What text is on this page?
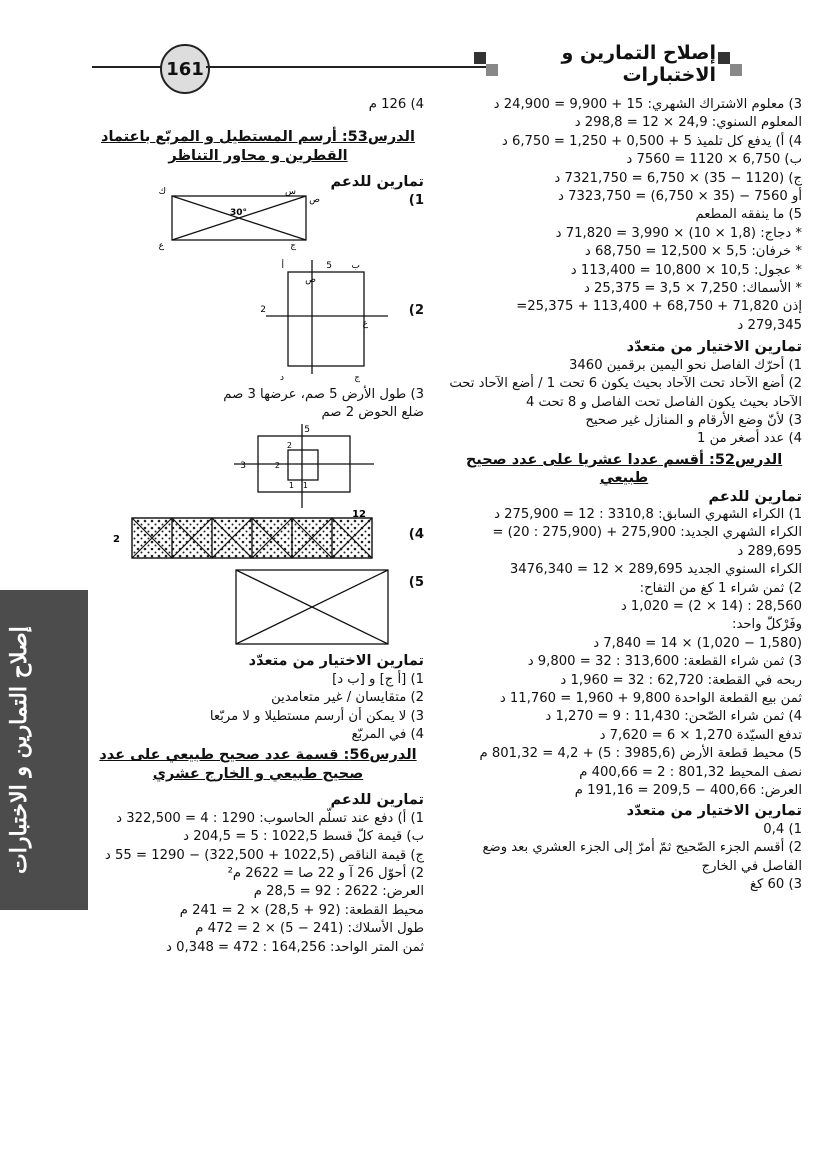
161
إصلاح التمارين و الاختبارات
إصلاح التمارين و الاختبارات

3) معلوم الاشتراك الشهري: 15 + 9,900 = 24,900 د

المعلوم السنوي: 24,9 × 12 = 298,8 د

4) أ) يدفع كل تلميذ 5 + 0,500 + 1,250 = 6,750 د

ب) 6,750 × 1120 = 7560 د

ج) (1120 − 35) × 6,750 = 7321,750 د

أو 7560 − (35 × 6,750) = 7323,750 د

5) ما ينفقه المطعم

* دجاج: (1,8 × 10) × 3,990 = 71,820 د

* خرفان: 5,5 × 12,500 = 68,750 د

* عجول: 10,5 × 10,800 = 113,400 د

* الأسماك: 7,250 × 3,5 = 25,375 د

إذن 71,820 + 68,750 + 113,400 + 25,375=

279,345 د

تمارين الاختيار من متعدّد

1) أحرّك الفاصل نحو اليمين برقمين 3460

2) أضع الآحاد تحت الآحاد بحيث يكون 6 تحت 1 / أضع الآحاد تحت الآحاد بحيث يكون الفاصل تحت الفاصل و 8 تحت 4

3) لأنّ وضع الأرقام و المنازل غير صحيح

4) عدد أصغر من 1

الدرس52: أقسم عددا عشريا على عدد صحيح طبيعي

تمارين للدعم

1) الكراء الشهري السابق: 3310,8 : 12 = 275,900 د

الكراء الشهري الجديد: 275,900 + (275,900 : 20) =

289,695 د

الكراء السنوي الجديد 289,695 × 12 = 3476,340

2) ثمن شراء 1 كغ من التفاح:

28,560 : (14 × 2) = 1,020 د

وفَرْكلّ واحد:

(1,580 − 1,020) × 14 = 7,840 د

3) ثمن شراء القطعة: 313,600 : 32 = 9,800 د

ربحه في القطعة: 62,720 : 32 = 1,960 د

ثمن بيع القطعة الواحدة 9,800 + 1,960 = 11,760 د

4) ثمن شراء الصّحن: 11,430 : 9 = 1,270 د

تدفع السيّدة 1,270 × 6 = 7,620 د

5) محيط قطعة الأرض (3985,6 : 5) + 4,2 = 801,32 م

نصف المحيط 801,32 : 2 = 400,66 م

العرض: 400,66 − 209,5 = 191,16 م

تمارين الاختيار من متعدّد

1) 0,4

2) أقسم الجزء الصّحيح ثمّ أمرّ إلى الجزء العشري بعد وضع الفاصل في الخارج

3) 60 كغ

4) 126 م

الدرس53: أرسم المستطيل و المربّع باعتماد القطرين و محاور التناظر

تمارين للدعم

1)
30°
ك	س
ج
ع
ص
2)
أ	ب
د	ج
ع
ص
5
2

3) طول الأرض 5 صم، عرضها 3 صم

ضلع الحوض 2 صم

3
5
2
2
1 1
4)
2
12
5)

تمارين الاختيار من متعدّد

1) [أ ج] و [ب د]

2) متقايسان / غير متعامدين

3) لا يمكن أن أرسم مستطيلا و لا مربّعا

4) في المربّع

الدرس56: قسمة عدد صحيح طبيعي على عدد صحيح طبيعي و الخارج عشري

تمارين للدعم

1) أ) دفع عند تسلّم الحاسوب: 1290 : 4 = 322,500 د

ب) قيمة كلّ قسط 1022,5 : 5 = 204,5 د

ج) قيمة الناقص (1022,5 + 322,500) − 1290 = 55 د

2) أحوّل 26 آ و 22 صا = 2622 م²

العرض: 2622 : 92 = 28,5 م

محيط القطعة: (92 + 28,5) × 2 = 241 م

طول الأسلاك: (241 − 5) × 2 = 472 م

ثمن المتر الواحد: 164,256 : 472 = 0,348 د
